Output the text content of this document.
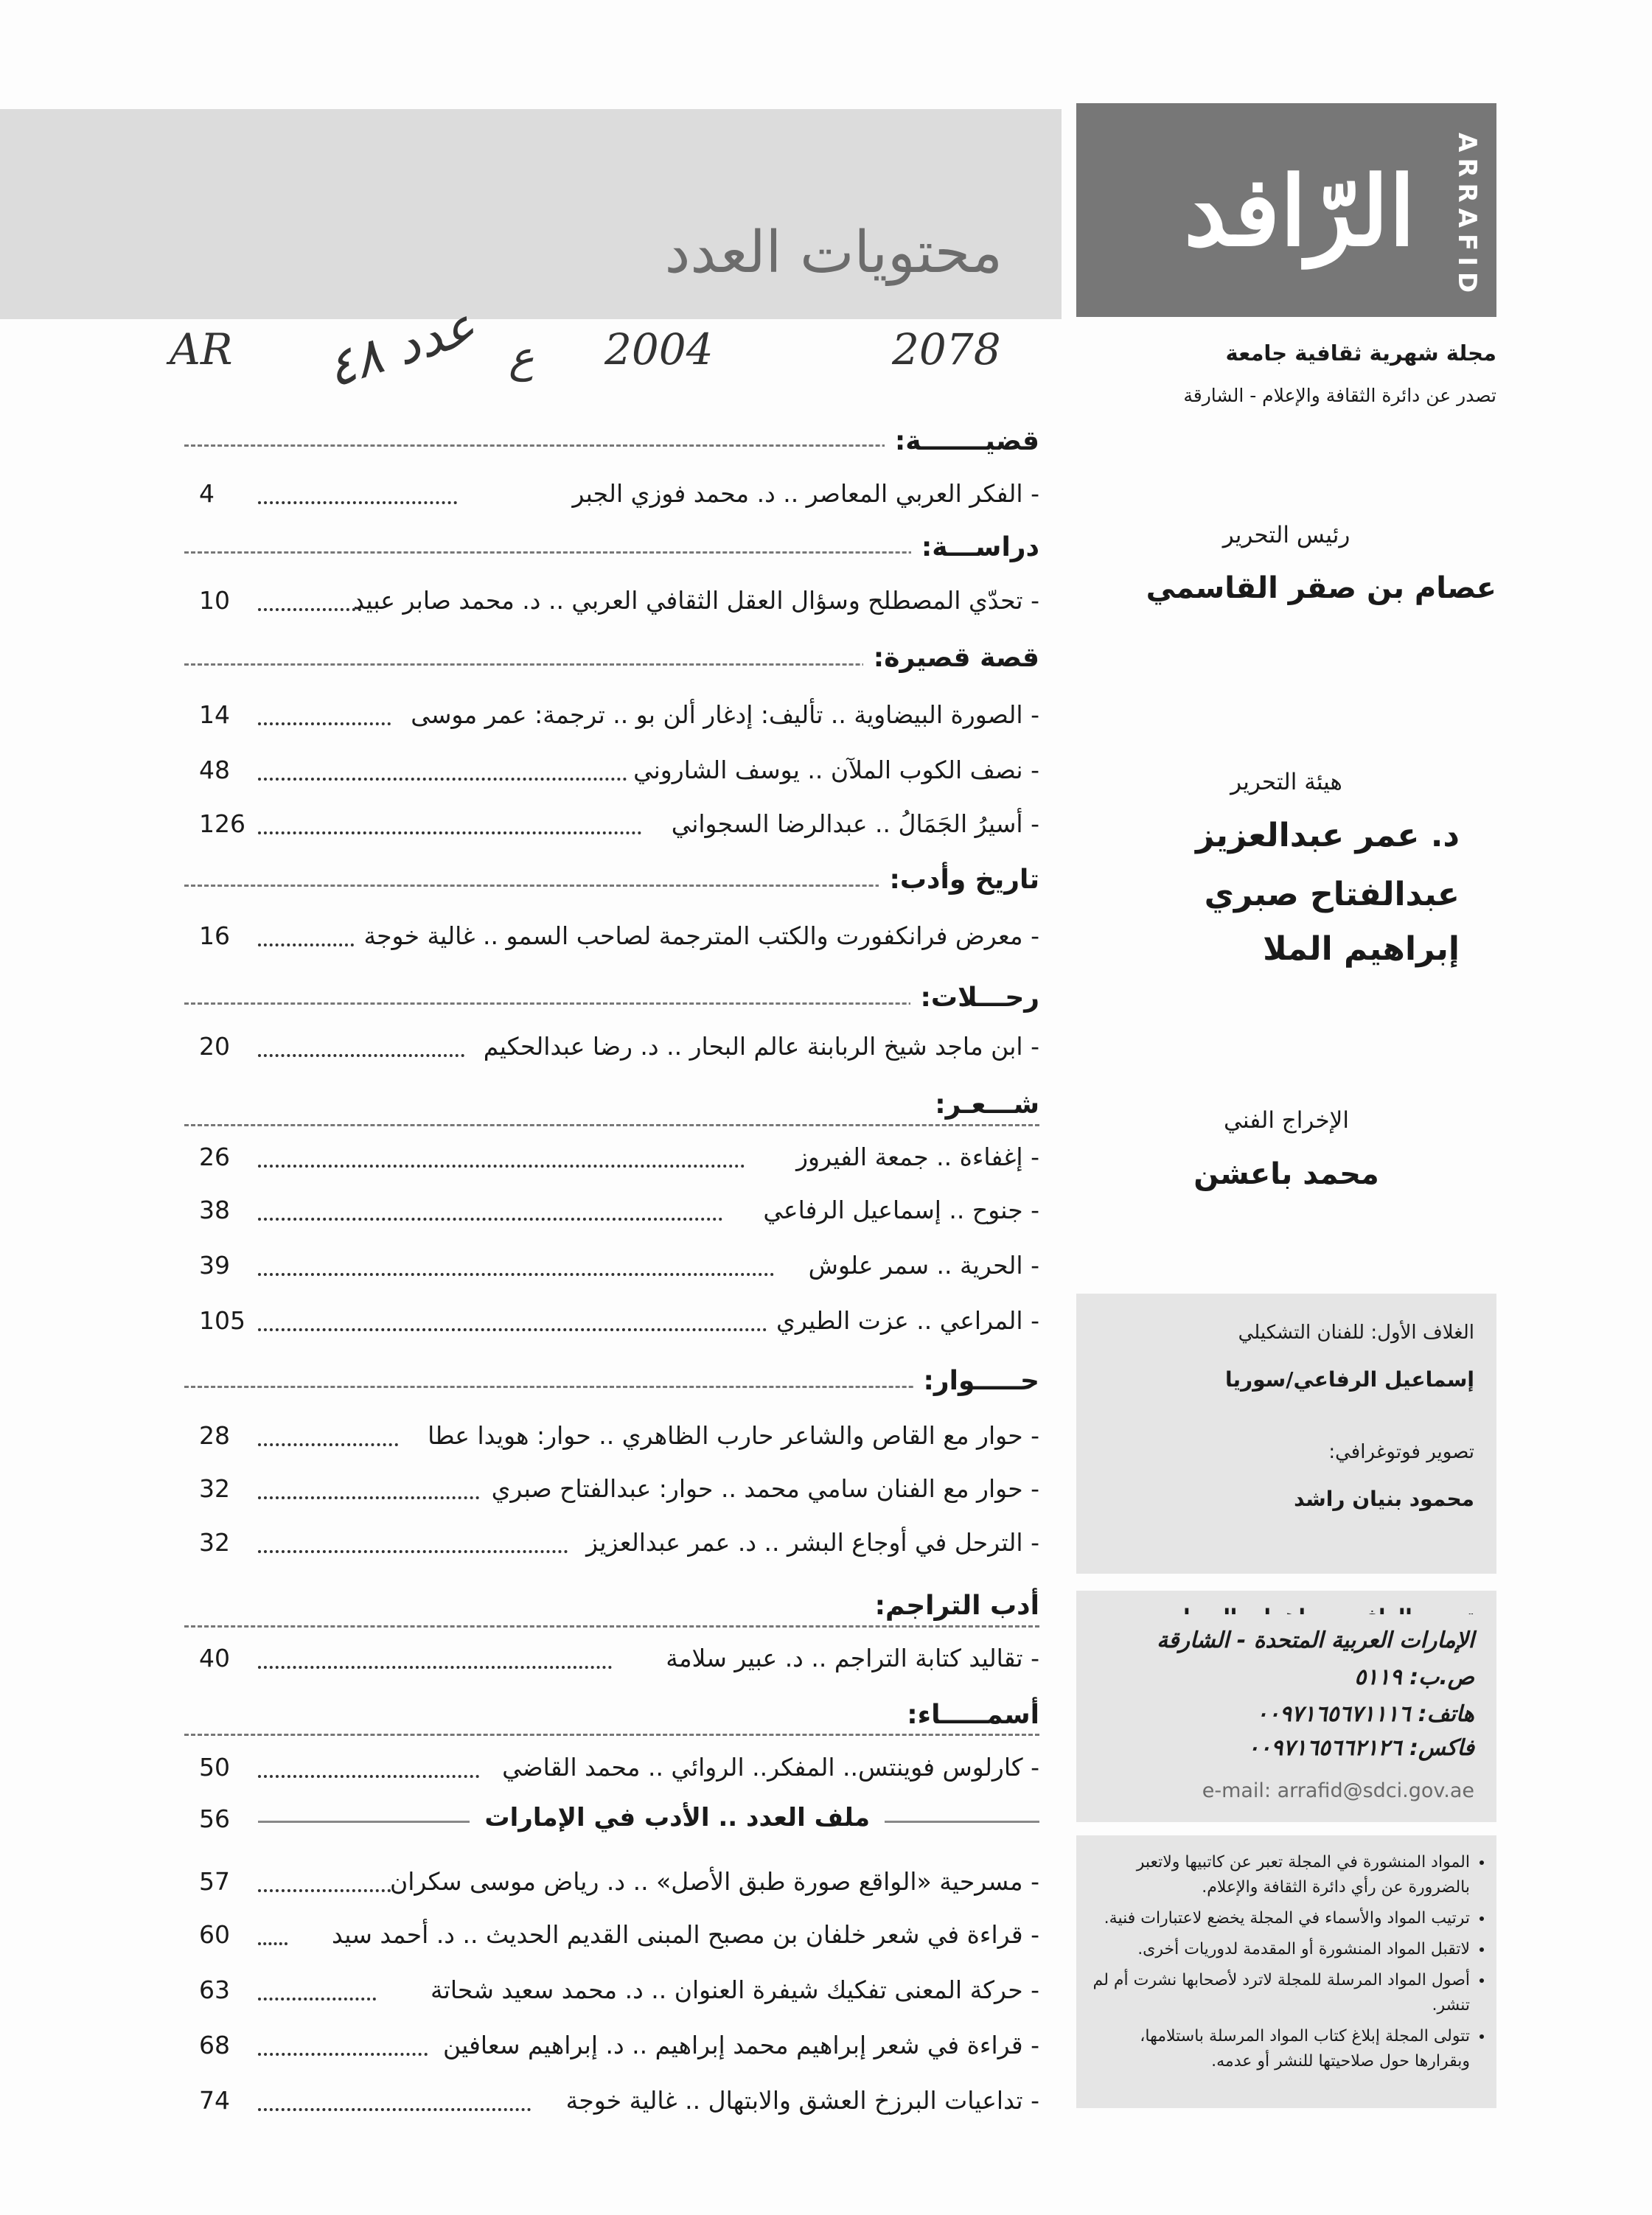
محتويات العدد
AR عدد ٤٨ ع 2004	2078
الرّافد ARRAFID
مجلة شهرية ثقافية جامعة
تصدر عن دائرة الثقافة والإعلام - الشارقة
رئيس التحرير
عصام بن صقر القاسمي
هيئة التحرير
د. عمر عبدالعزيز
عبدالفتاح صبري
إبراهيم الملا
الإخراج الفني
محمد باعشن
الغلاف الأول: للفنان التشكيلي
إسماعيل الرفاعي/سوريا
تصوير فوتوغرافي:
محمود بنيان راشد
الإمارات العربية المتحدة - الشارقة
ص.ب: ٥١١٩
هاتف: ٠٠٩٧١٦٥٦٧١١١٦
فاكس: ٠٠٩٧١٦٥٦٦٢١٢٦
e-mail: arrafid@sdci.gov.ae
• المواد المنشورة في المجلة تعبر عن كاتبيها ولاتعبر بالضرورة عن رأي دائرة الثقافة والإعلام.
• ترتيب المواد والأسماء في المجلة يخضع لاعتبارات فنية.
• لاتقبل المواد المنشورة أو المقدمة لدوريات أخرى.
• أصول المواد المرسلة للمجلة لاترد لأصحابها نشرت أم لم تنشر.
• تتولى المجلة إبلاغ كتاب المواد المرسلة باستلامها، وبقرارها حول صلاحيتها للنشر أو عدمه.
قضيـــــــة:
- الفكر العربي المعاصر .. د. محمد فوزي الجبر
4
دراســـة:
- تحدّي المصطلح وسؤال العقل الثقافي العربي .. د. محمد صابر عبيد
10
قصة قصيرة:
- الصورة البيضاوية .. تأليف: إدغار ألن بو .. ترجمة: عمر موسى
14
- نصف الكوب الملآن .. يوسف الشاروني
48
- أسيرُ الجَمَالُ .. عبدالرضا السجواني
126
تاريخ وأدب:
- معرض فرانكفورت والكتب المترجمة لصاحب السمو .. غالية خوجة
16
رحـــلات:
- ابن ماجد شيخ الربابنة عالم البحار .. د. رضا عبدالحكيم
20
شـــعـر:
- إغفاءة .. جمعة الفيروز
26
- جنوح .. إسماعيل الرفاعي
38
- الحرية .. سمر علوش
39
- المراعي .. عزت الطيري
105
حـــــوار:
- حوار مع القاص والشاعر حارب الظاهري .. حوار: هويدا عطا
28
- حوار مع الفنان سامي محمد .. حوار: عبدالفتاح صبري
32
- الترحل في أوجاع البشر .. د. عمر عبدالعزيز
32
أدب التراجم:
- تقاليد كتابة التراجم .. د. عبير سلامة
40
أسمـــــاء:
- كارلوس فوينتس.. المفكر.. الروائي .. محمد القاضي
50
ملف العدد .. الأدب في الإمارات
56
- مسرحية «الواقع صورة طبق الأصل» .. د. رياض موسى سكران
57
- قراءة في شعر خلفان بن مصبح المبنى القديم الحديث .. د. أحمد سيد
60
- حركة المعنى تفكيك شيفرة العنوان .. د. محمد سعيد شحاتة
63
- قراءة في شعر إبراهيم محمد إبراهيم .. د. إبراهيم سعافين
68
- تداعيات البرزخ العشق والابتهال .. غالية خوجة
74
